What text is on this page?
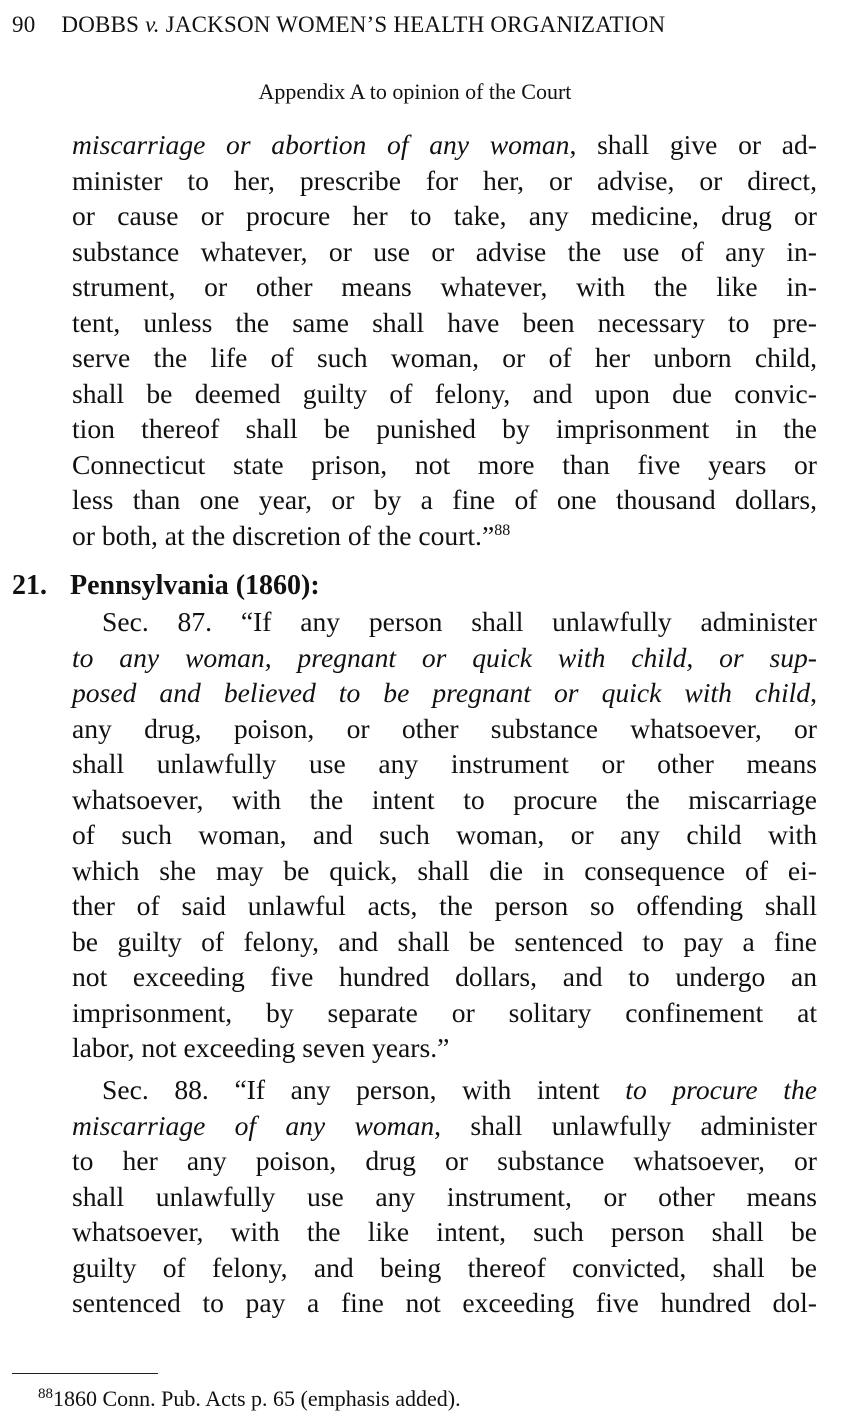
90 DOBBS v. JACKSON WOMEN’S HEALTH ORGANIZATION
Appendix A to opinion of the Court
miscarriage or abortion of any woman, shall give or ad-
minister to her, prescribe for her, or advise, or direct,
or cause or procure her to take, any medicine, drug or
substance whatever, or use or advise the use of any in-
strument, or other means whatever, with the like in-
tent, unless the same shall have been necessary to pre-
serve the life of such woman, or of her unborn child,
shall be deemed guilty of felony, and upon due convic-
tion thereof shall be punished by imprisonment in the
Connecticut state prison, not more than five years or
less than one year, or by a fine of one thousand dollars,
or both, at the discretion of the court.”$^{88}$
21. Pennsylvania (1860):
Sec. 87. “If any person shall unlawfully administer
to any woman, pregnant or quick with child, or sup-
posed and believed to be pregnant or quick with child,
any drug, poison, or other substance whatsoever, or
shall unlawfully use any instrument or other means
whatsoever, with the intent to procure the miscarriage
of such woman, and such woman, or any child with
which she may be quick, shall die in consequence of ei-
ther of said unlawful acts, the person so offending shall
be guilty of felony, and shall be sentenced to pay a fine
not exceeding five hundred dollars, and to undergo an
imprisonment, by separate or solitary confinement at
labor, not exceeding seven years.”
Sec. 88. “If any person, with intent to procure the
miscarriage of any woman, shall unlawfully administer
to her any poison, drug or substance whatsoever, or
shall unlawfully use any instrument, or other means
whatsoever, with the like intent, such person shall be
guilty of felony, and being thereof convicted, shall be
sentenced to pay a fine not exceeding five hundred dol-
$^{88}$1860 Conn. Pub. Acts p. 65 (emphasis added).
